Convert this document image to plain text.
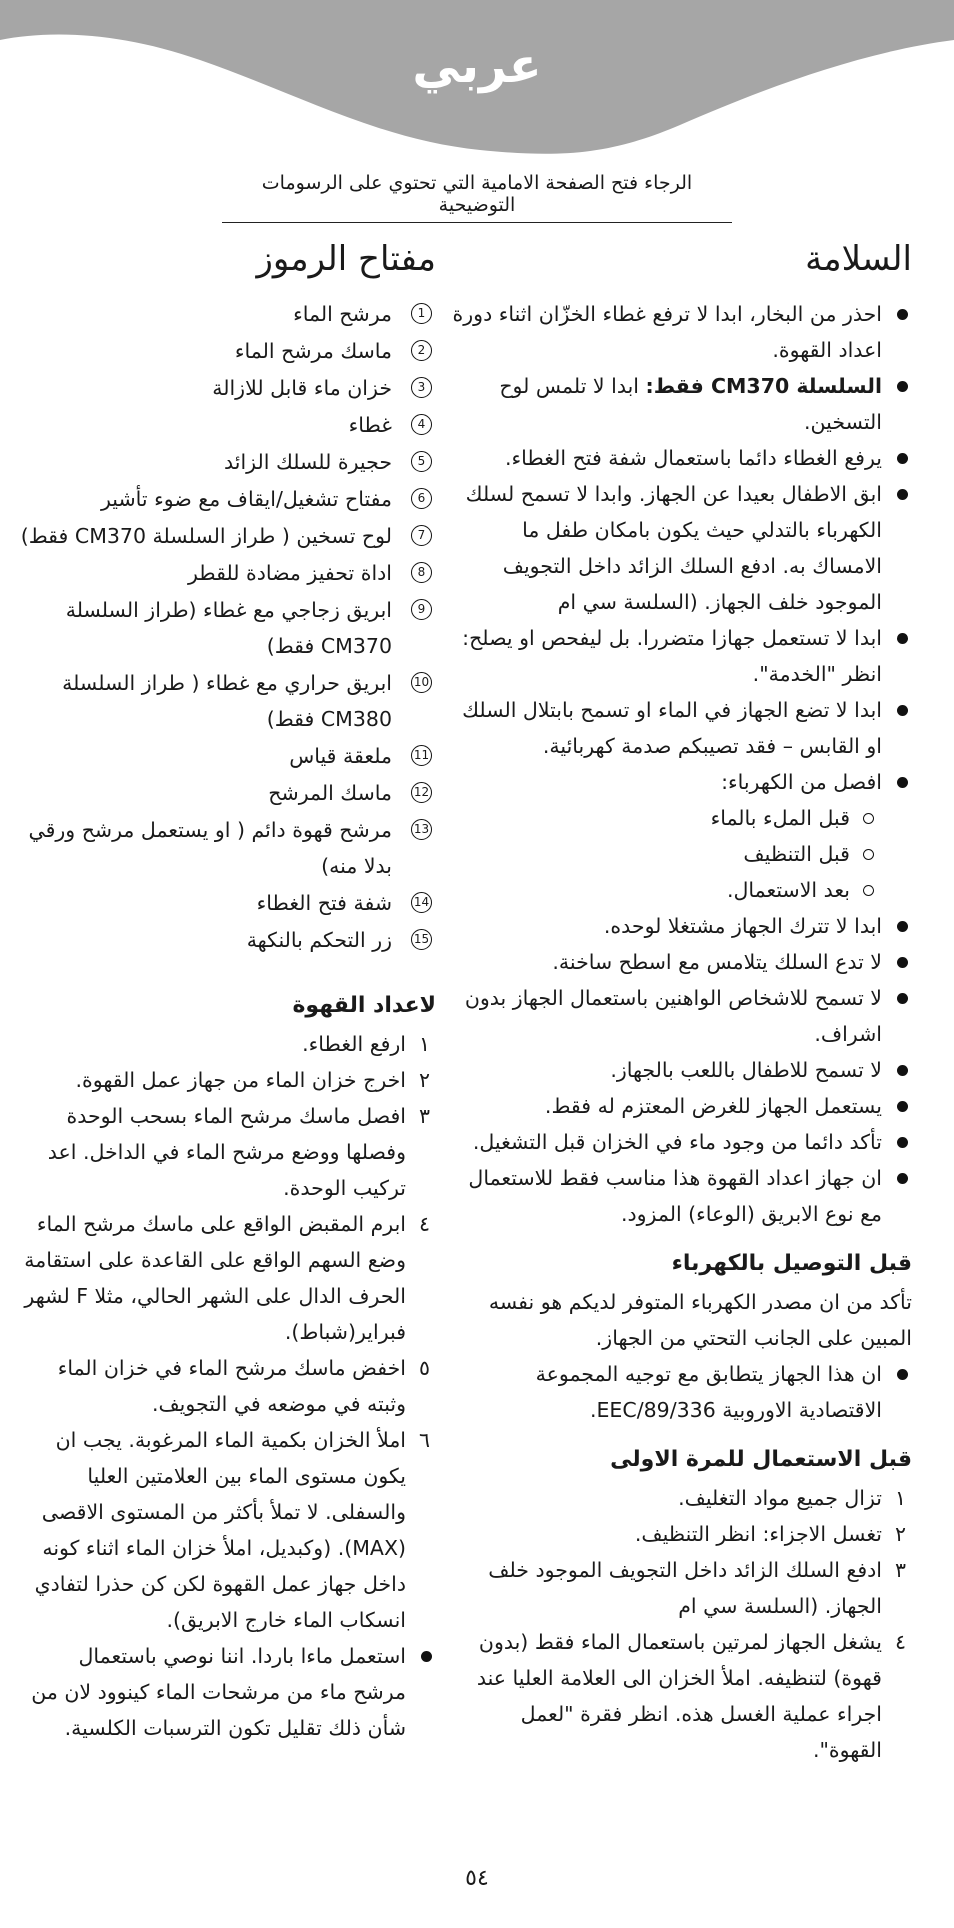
عربي
الرجاء فتح الصفحة الامامية التي تحتوي على الرسومات التوضيحية
السلامة
احذر من البخار، ابدا لا ترفع غطاء الخزّان اثناء دورة اعداد القهوة.
السلسلة CM370 فقط: ابدا لا تلمس لوح التسخين.
يرفع الغطاء دائما باستعمال شفة فتح الغطاء.
ابق الاطفال بعيدا عن الجهاز. وابدا لا تسمح لسلك الكهرباء بالتدلي حيث يكون بامكان طفل ما الامساك به. ادفع السلك الزائد داخل التجويف الموجود خلف الجهاز. (السلسة سي ام
ابدا لا تستعمل جهازا متضررا. بل ليفحص او يصلح: انظر "الخدمة".
ابدا لا تضع الجهاز في الماء او تسمح بابتلال السلك او القابس – فقد تصيبكم صدمة كهربائية.
افصل من الكهرباء:
قبل الملء بالماء
قبل التنظيف
بعد الاستعمال.
ابدا لا تترك الجهاز مشتغلا لوحده.
لا تدع السلك يتلامس مع اسطح ساخنة.
لا تسمح للاشخاص الواهنين باستعمال الجهاز بدون اشراف.
لا تسمح للاطفال باللعب بالجهاز.
يستعمل الجهاز للغرض المعتزم له فقط.
تأكد دائما من وجود ماء في الخزان قبل التشغيل.
ان جهاز اعداد القهوة هذا مناسب فقط للاستعمال مع نوع الابريق (الوعاء) المزود.
قبل التوصيل بالكهرباء

تأكد من ان مصدر الكهرباء المتوفر لديكم هو نفسه المبين على الجانب التحتي من الجهاز.

ان هذا الجهاز يتطابق مع توجيه المجموعة الاقتصادية الاوروبية 89/336/EEC.
قبل الاستعمال للمرة الاولى
١
تزال جميع مواد التغليف.
٢
تغسل الاجزاء: انظر التنظيف.
٣
ادفع السلك الزائد داخل التجويف الموجود خلف الجهاز. (السلسة سي ام
٤
يشغل الجهاز لمرتين باستعمال الماء فقط (بدون قهوة) لتنظيفه. املأ الخزان الى العلامة العليا عند اجراء عملية الغسل هذه. انظر فقرة "لعمل القهوة".
مفتاح الرموز
1
مرشح الماء
2
ماسك مرشح الماء
3
خزان ماء قابل للازالة
4
غطاء
5
حجيرة للسلك الزائد
6
مفتاح تشغيل/ايقاف مع ضوء تأشير
7
لوح تسخين ( طراز السلسلة CM370 فقط)
8
اداة تحفيز مضادة للقطر
9
ابريق زجاجي مع غطاء (طراز السلسلة CM370 فقط)
10
ابريق حراري مع غطاء ( طراز السلسلة CM380 فقط)
11
ملعقة قياس
12
ماسك المرشح
13
مرشح قهوة دائم ( او يستعمل مرشح ورقي بدلا منه)
14
شفة فتح الغطاء
15
زر التحكم بالنكهة
لاعداد القهوة
١
ارفع الغطاء.
٢
اخرج خزان الماء من جهاز عمل القهوة.
٣
افصل ماسك مرشح الماء بسحب الوحدة وفصلها ووضع مرشح الماء في الداخل. اعد تركيب الوحدة.
٤
ابرم المقبض الواقع على ماسك مرشح الماء وضع السهم الواقع على القاعدة على استقامة الحرف الدال على الشهر الحالي، مثلا F لشهر فبراير(شباط).
٥
اخفض ماسك مرشح الماء في خزان الماء وثبته في موضعه في التجويف.
٦
املأ الخزان بكمية الماء المرغوبة. يجب ان يكون مستوى الماء بين العلامتين العليا والسفلى. لا تملأ بأكثر من المستوى الاقصى (MAX). (وكبديل، املأ خزان الماء اثناء كونه داخل جهاز عمل القهوة لكن كن حذرا لتفادي انسكاب الماء خارج الابريق).
استعمل ماءا باردا. اننا نوصي باستعمال مرشح ماء من مرشحات الماء كينوود لان من شأن ذلك تقليل تكون الترسبات الكلسية.
٥٤
